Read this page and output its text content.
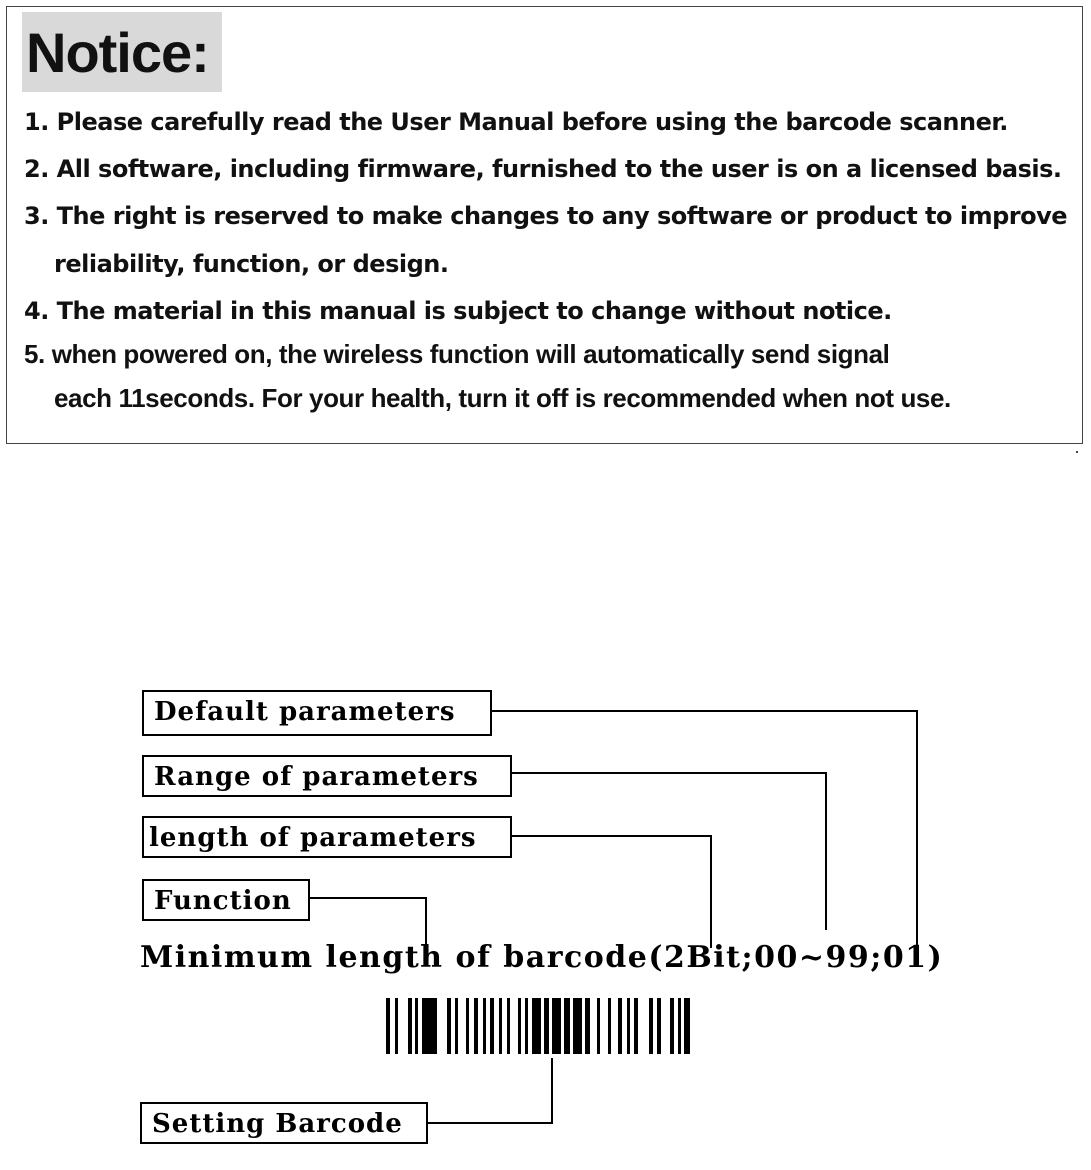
Notice:
1. Please carefully read the User Manual before using the barcode scanner.
2. All software, including firmware, furnished to the user is on a licensed basis.
3. The right is reserved to make changes to any software or product to improve
reliability, function, or design.
4. The material in this manual is subject to change without notice.
5. when powered on, the wireless function will automatically send signal
each 11seconds. For your health, turn it off is recommended when not use.
Default parameters
Range of parameters
length of parameters
Function
Minimum length of barcode(2Bit;00~99;01)
Setting Barcode
